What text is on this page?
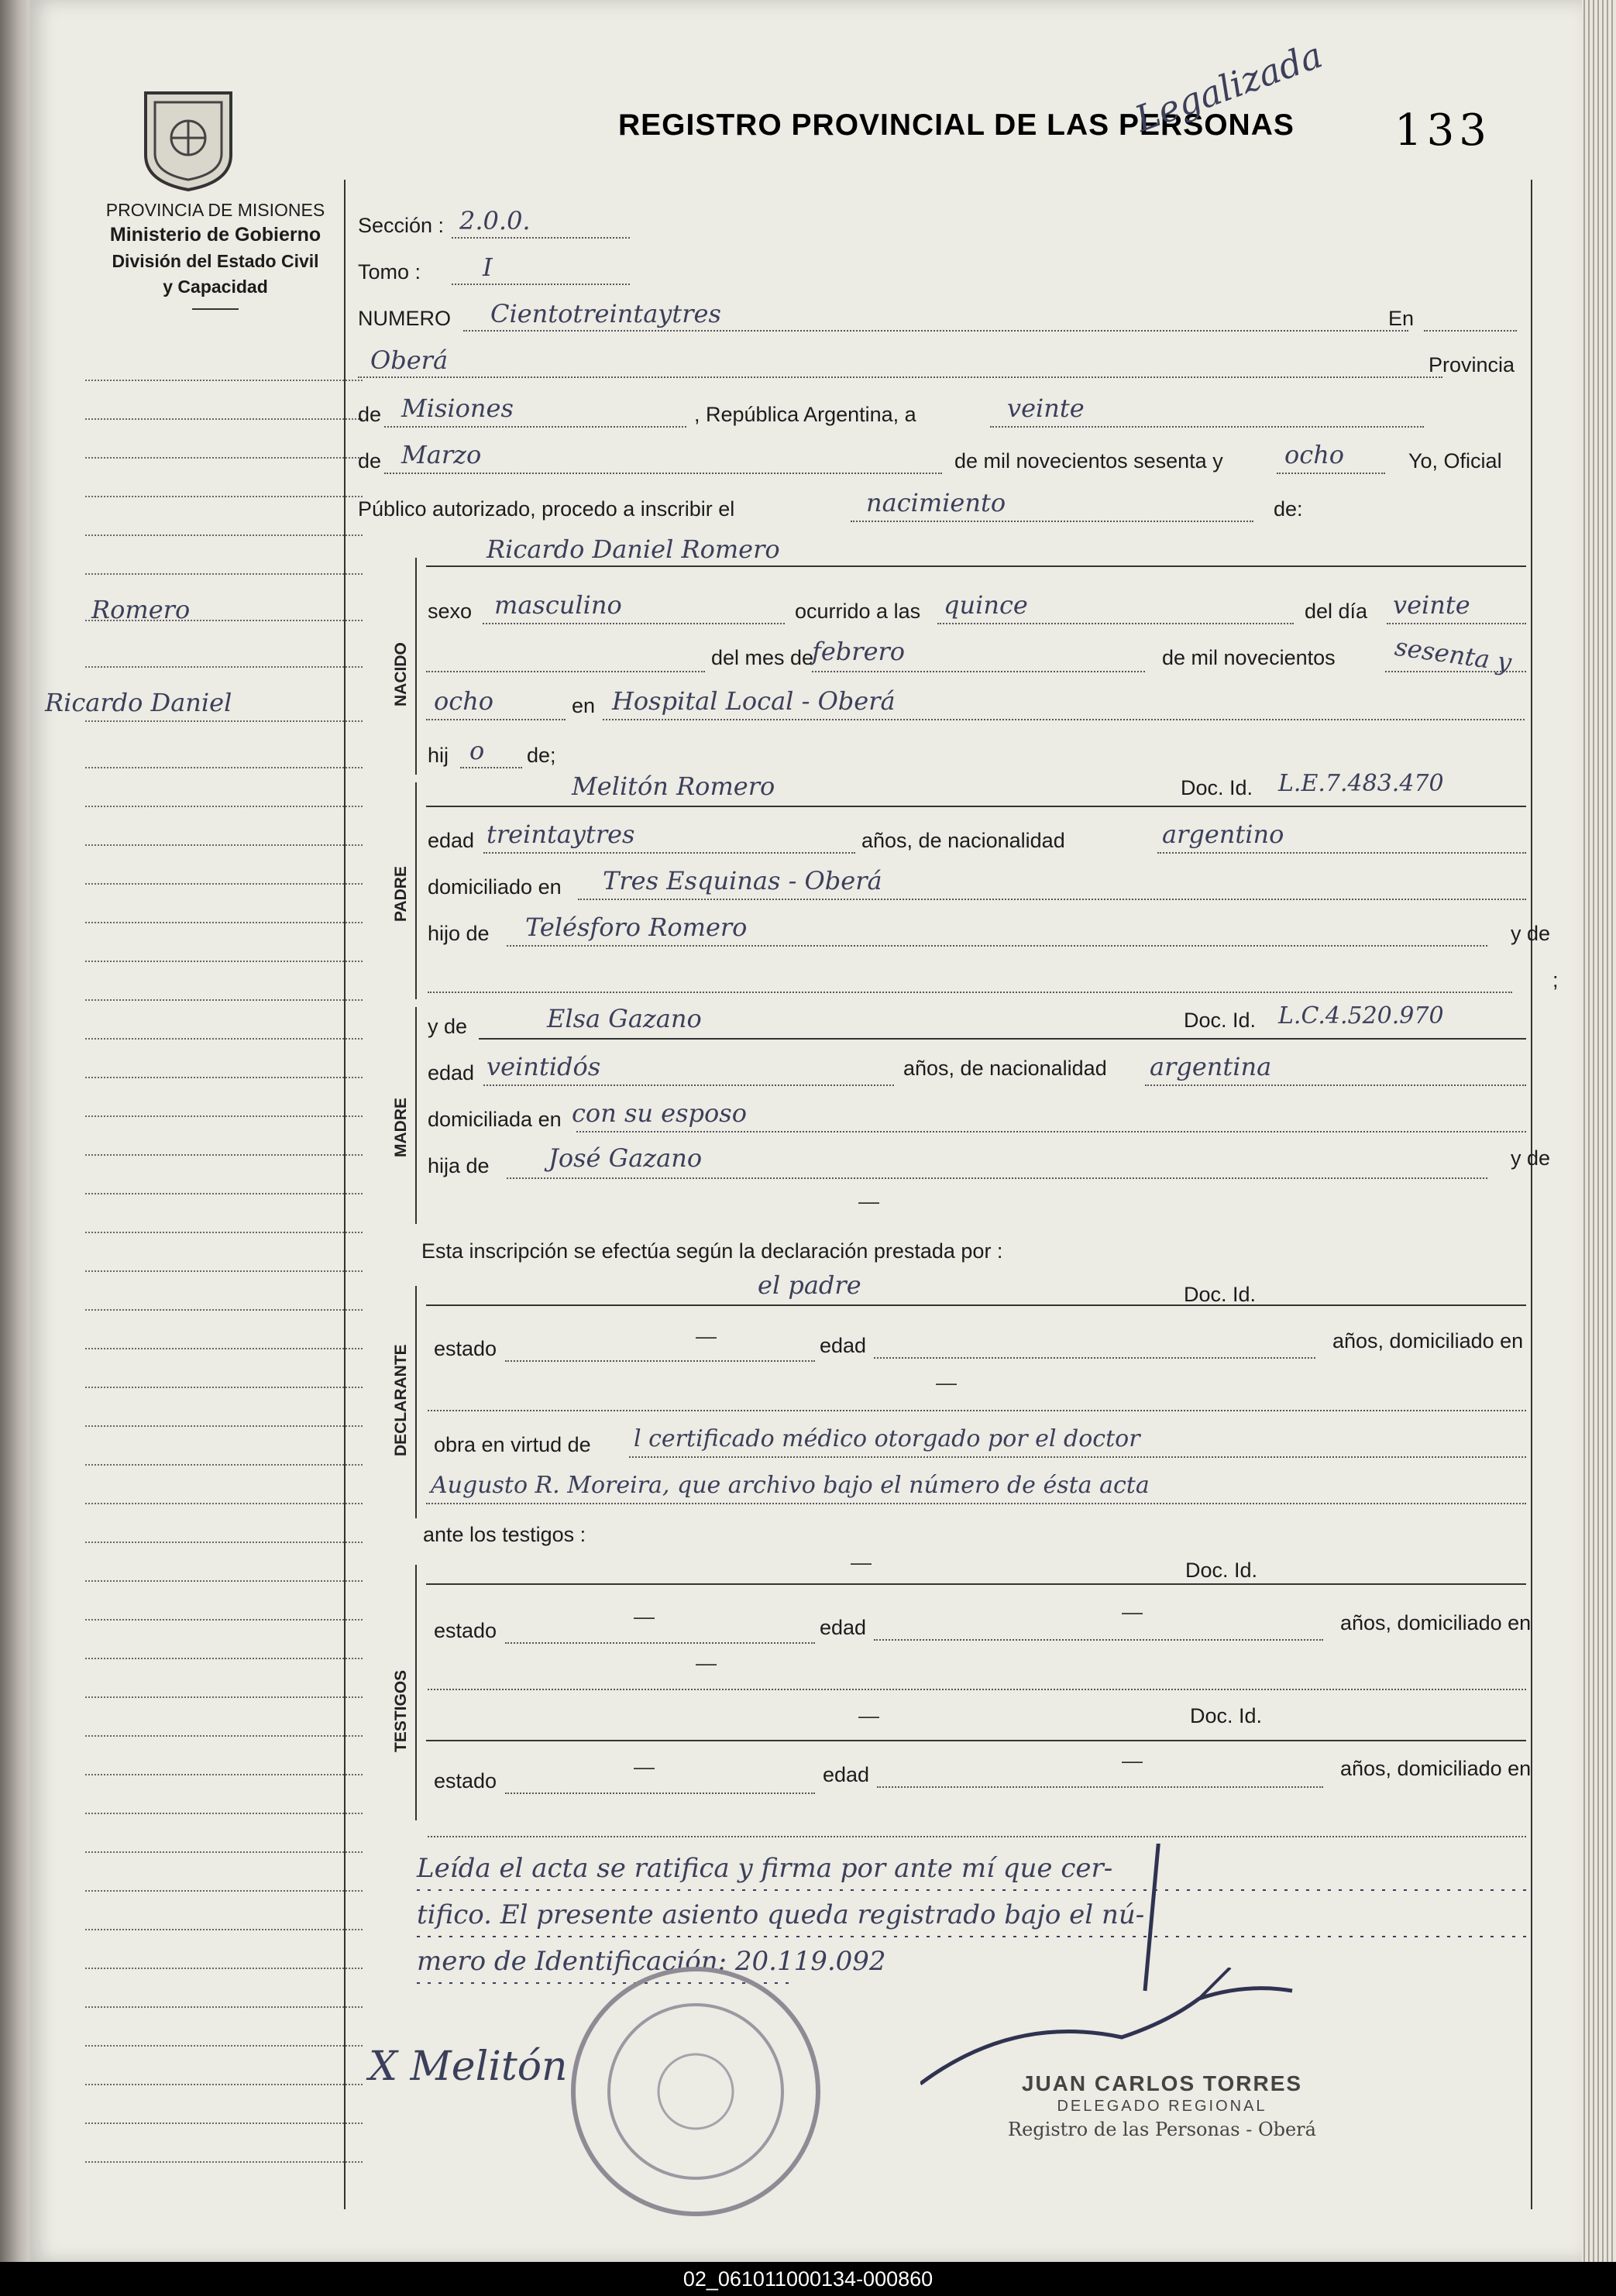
PROVINCIA DE MISIONES
Ministerio de Gobierno
División del Estado Civil
y Capacidad
REGISTRO PROVINCIAL DE LAS PERSONAS 133
Legalizada
Romero
Ricardo Daniel
Sección : 2.0.0.
Tomo : I
NUMERO Cientotreintaytres	En
Oberá	Provincia
de Misiones	, República Argentina, a	veinte
de Marzo	de mil novecientos sesenta y ocho	Yo, Oficial
Público autorizado, procedo a inscribir el	nacimiento	de:
NACIDO
Ricardo Daniel Romero
sexo masculino	ocurrido a las quince	del día veinte
del mes de
febrero	de mil novecientos sesenta y
ocho	en Hospital Local - Oberá
hij o de;
PADRE
Melitón Romero	Doc. Id. L.E.7.483.470
edad treintaytres	años, de nacionalidad	argentino
domiciliado en Tres Esquinas - Oberá
hijo de Telésforo Romero	y de
;
MADRE
y de	Elsa Gazano	Doc. Id. L.C.4.520.970
edad veintidós	años, de nacionalidad argentina
domiciliada en con su esposo
hija de José Gazano	y de
—
Esta inscripción se efectúa según la declaración prestada por :
DECLARANTE
el padre	Doc. Id.
estado
—	edad	años, domiciliado en
—
obra en virtud de l certificado médico otorgado por el doctor
Augusto R. Moreira, que archivo bajo el número de ésta acta
ante los testigos :
TESTIGOS
—	Doc. Id.
estado
—	edad
—	años, domiciliado en
—
—	Doc. Id.
estado
—	edad
—	años, domiciliado en
Leída el acta se ratifica y firma por ante mí que cer-
tifico. El presente asiento queda registrado bajo el nú-
mero de Identificación: 20.119.092
X Melitón	JUAN CARLOS TORRES
DELEGADO REGIONAL
Registro de las Personas - Oberá
02_061011000134-000860
